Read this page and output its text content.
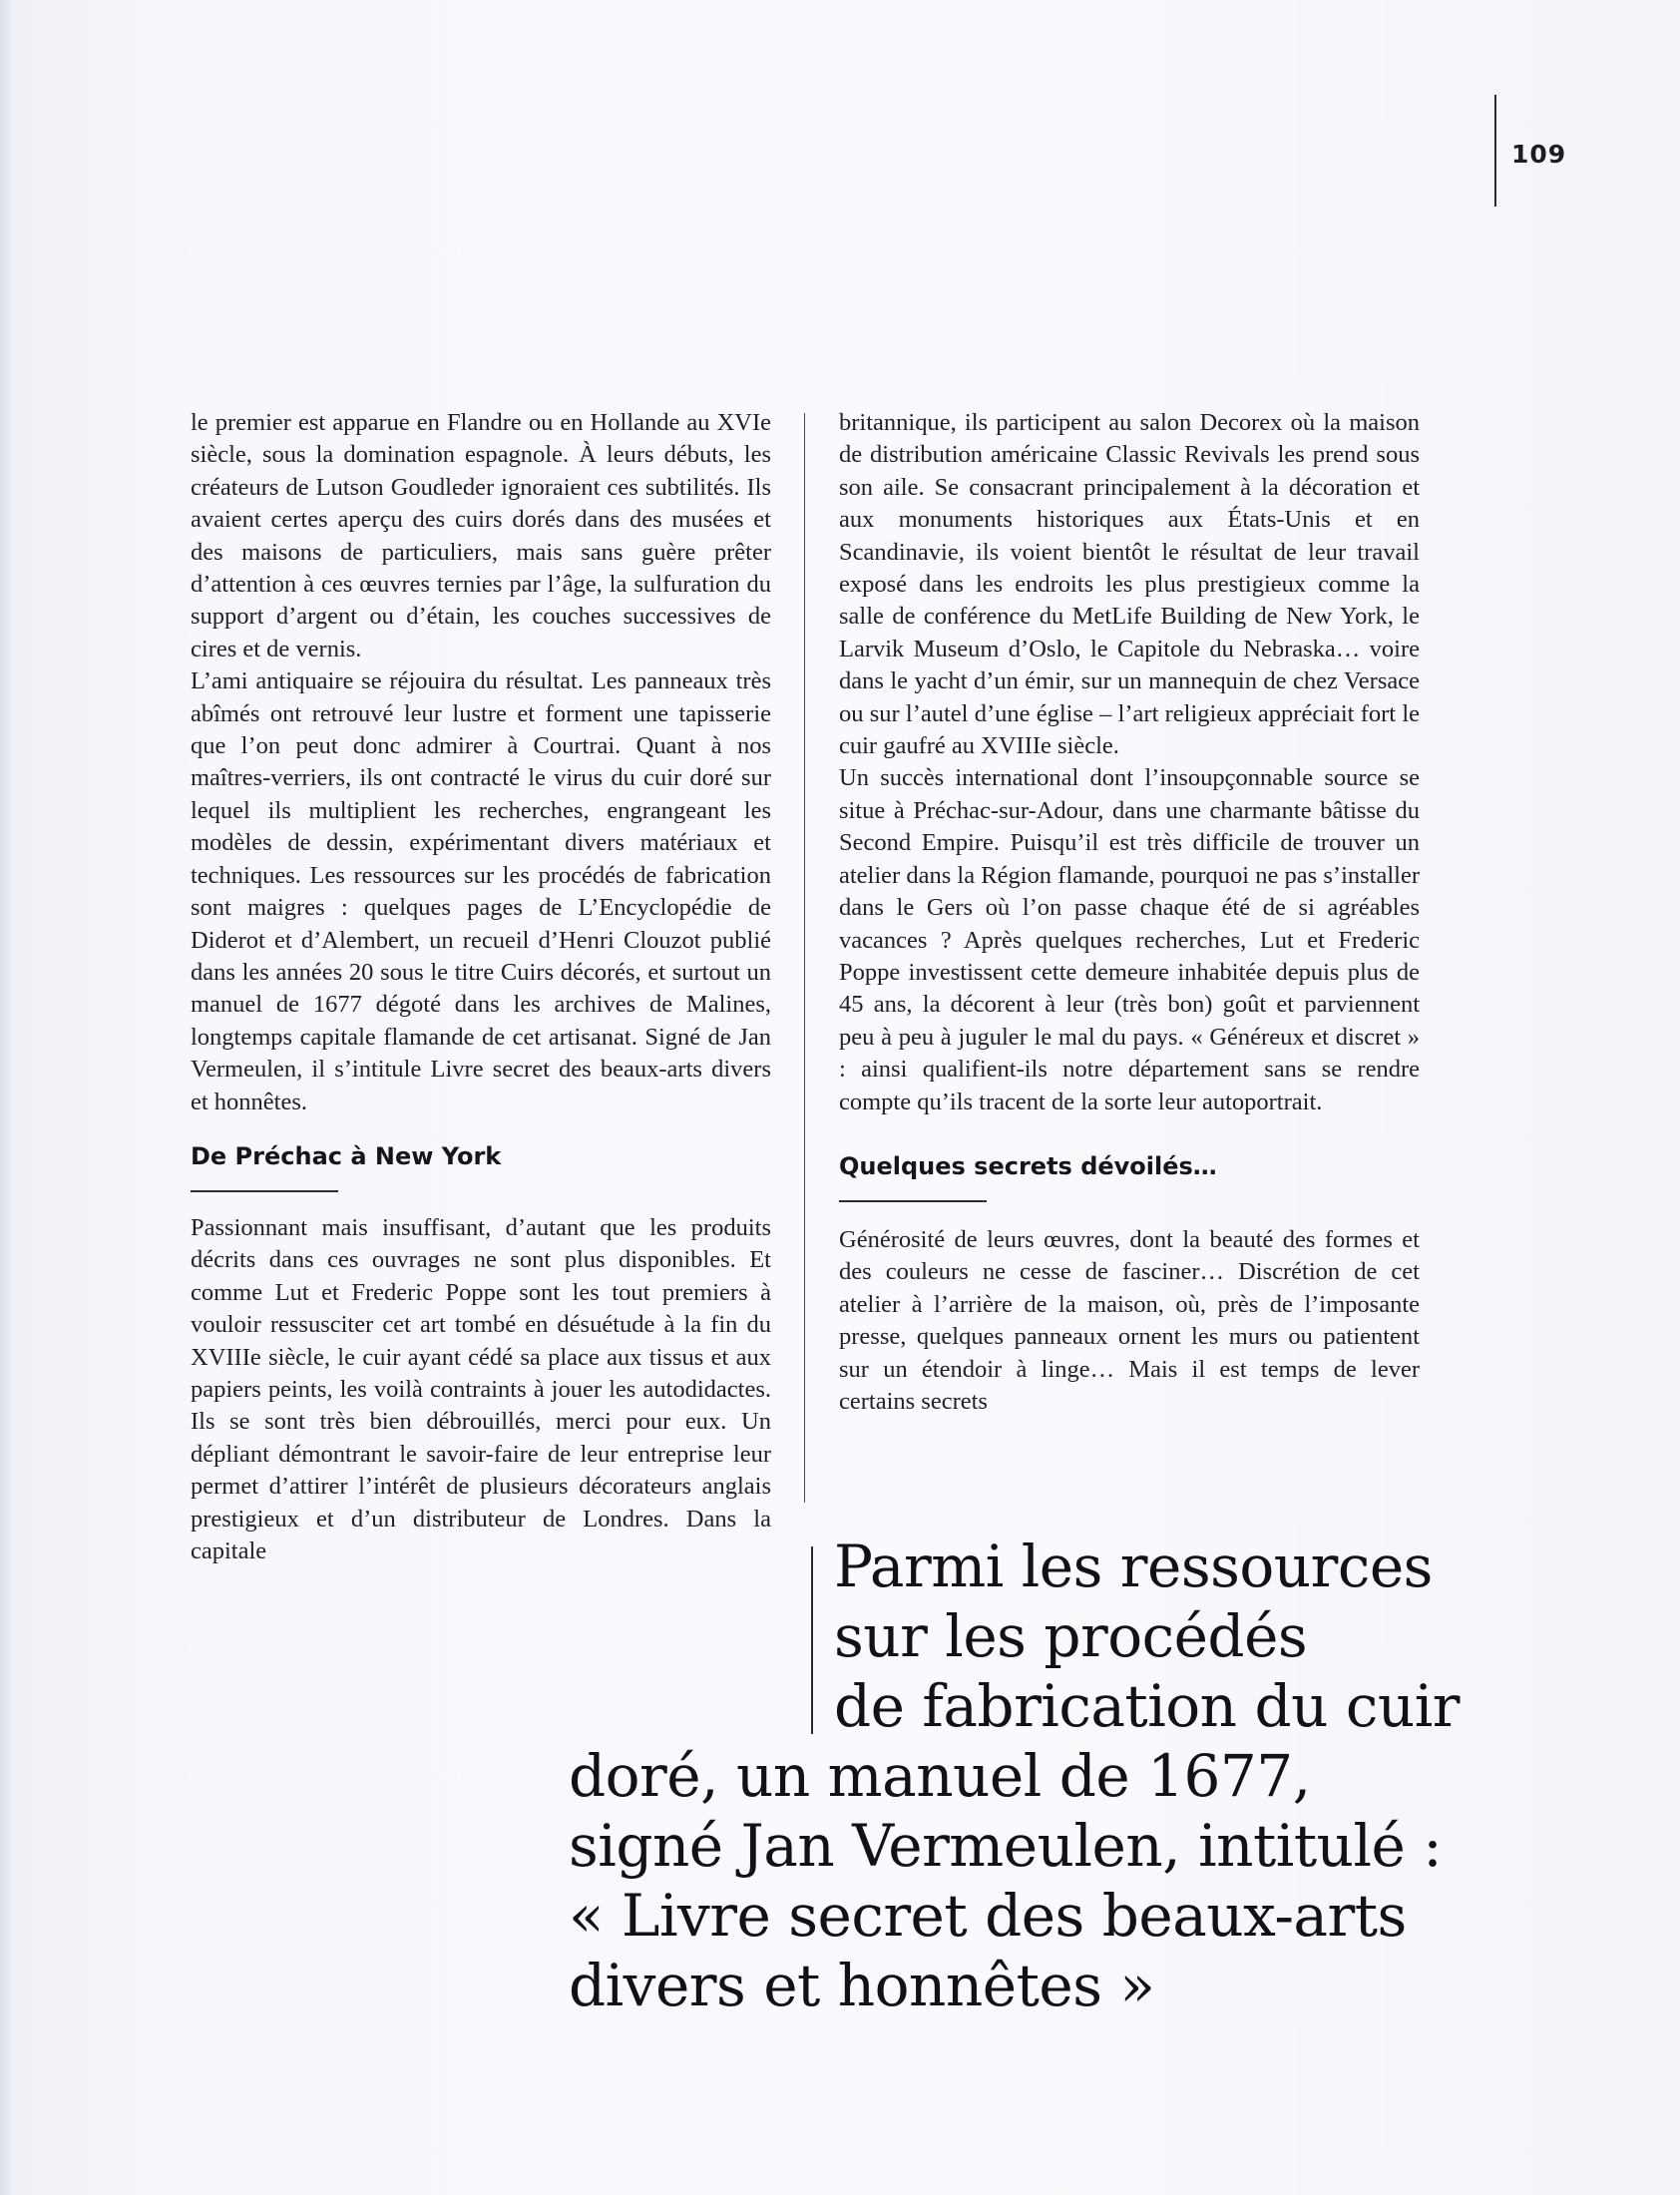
109

le premier est apparue en Flandre ou en Hollande au XVIe siècle, sous la domination espagnole. À leurs débuts, les créateurs de Lutson Goudleder ignoraient ces subtilités. Ils avaient certes aperçu des cuirs dorés dans des musées et des maisons de particuliers, mais sans guère prêter d’attention à ces œuvres ternies par l’âge, la sulfuration du support d’argent ou d’étain, les couches successives de cires et de vernis.

L’ami antiquaire se réjouira du résultat. Les panneaux très abîmés ont retrouvé leur lustre et forment une tapisserie que l’on peut donc admirer à Courtrai. Quant à nos maîtres-verriers, ils ont contracté le virus du cuir doré sur lequel ils multiplient les recherches, engrangeant les modèles de dessin, expérimentant divers matériaux et techniques. Les ressources sur les procédés de fabrication sont maigres : quelques pages de L’Encyclopédie de Diderot et d’Alembert, un recueil d’Henri Clouzot publié dans les années 20 sous le titre Cuirs décorés, et surtout un manuel de 1677 dégoté dans les archives de Malines, longtemps capitale flamande de cet artisanat. Signé de Jan Vermeulen, il s’intitule Livre secret des beaux-arts divers et honnêtes.

De Préchac à New York

Passionnant mais insuffisant, d’autant que les produits décrits dans ces ouvrages ne sont plus disponibles. Et comme Lut et Frederic Poppe sont les tout premiers à vouloir ressusciter cet art tombé en désuétude à la fin du XVIIIe siècle, le cuir ayant cédé sa place aux tissus et aux papiers peints, les voilà contraints à jouer les autodidactes. Ils se sont très bien débrouillés, merci pour eux. Un dépliant démontrant le savoir-faire de leur entreprise leur permet d’attirer l’intérêt de plusieurs décorateurs anglais prestigieux et d’un distributeur de Londres. Dans la capitale

britannique, ils participent au salon Decorex où la maison de distribution américaine Classic Revivals les prend sous son aile. Se consacrant principalement à la décoration et aux monuments historiques aux États-Unis et en Scandinavie, ils voient bientôt le résultat de leur travail exposé dans les endroits les plus prestigieux comme la salle de conférence du MetLife Building de New York, le Larvik Museum d’Oslo, le Capitole du Nebraska… voire dans le yacht d’un émir, sur un mannequin de chez Versace ou sur l’autel d’une église – l’art religieux appréciait fort le cuir gaufré au XVIIIe siècle.

Un succès international dont l’insoupçonnable source se situe à Préchac-sur-Adour, dans une charmante bâtisse du Second Empire. Puisqu’il est très difficile de trouver un atelier dans la Région flamande, pourquoi ne pas s’installer dans le Gers où l’on passe chaque été de si agréables vacances ? Après quelques recherches, Lut et Frederic Poppe investissent cette demeure inhabitée depuis plus de 45 ans, la décorent à leur (très bon) goût et parviennent peu à peu à juguler le mal du pays. « Généreux et discret » : ainsi qualifient-ils notre département sans se rendre compte qu’ils tracent de la sorte leur autoportrait.

Quelques secrets dévoilés…

Générosité de leurs œuvres, dont la beauté des formes et des couleurs ne cesse de fasciner… Discrétion de cet atelier à l’arrière de la maison, où, près de l’imposante presse, quelques panneaux ornent les murs ou patientent sur un étendoir à linge… Mais il est temps de lever certains secrets

Parmi les ressources
sur les procédés
de fabrication du cuir
doré, un manuel de 1677,
signé Jan Vermeulen, intitulé :
« Livre secret des beaux-arts
divers et honnêtes »
